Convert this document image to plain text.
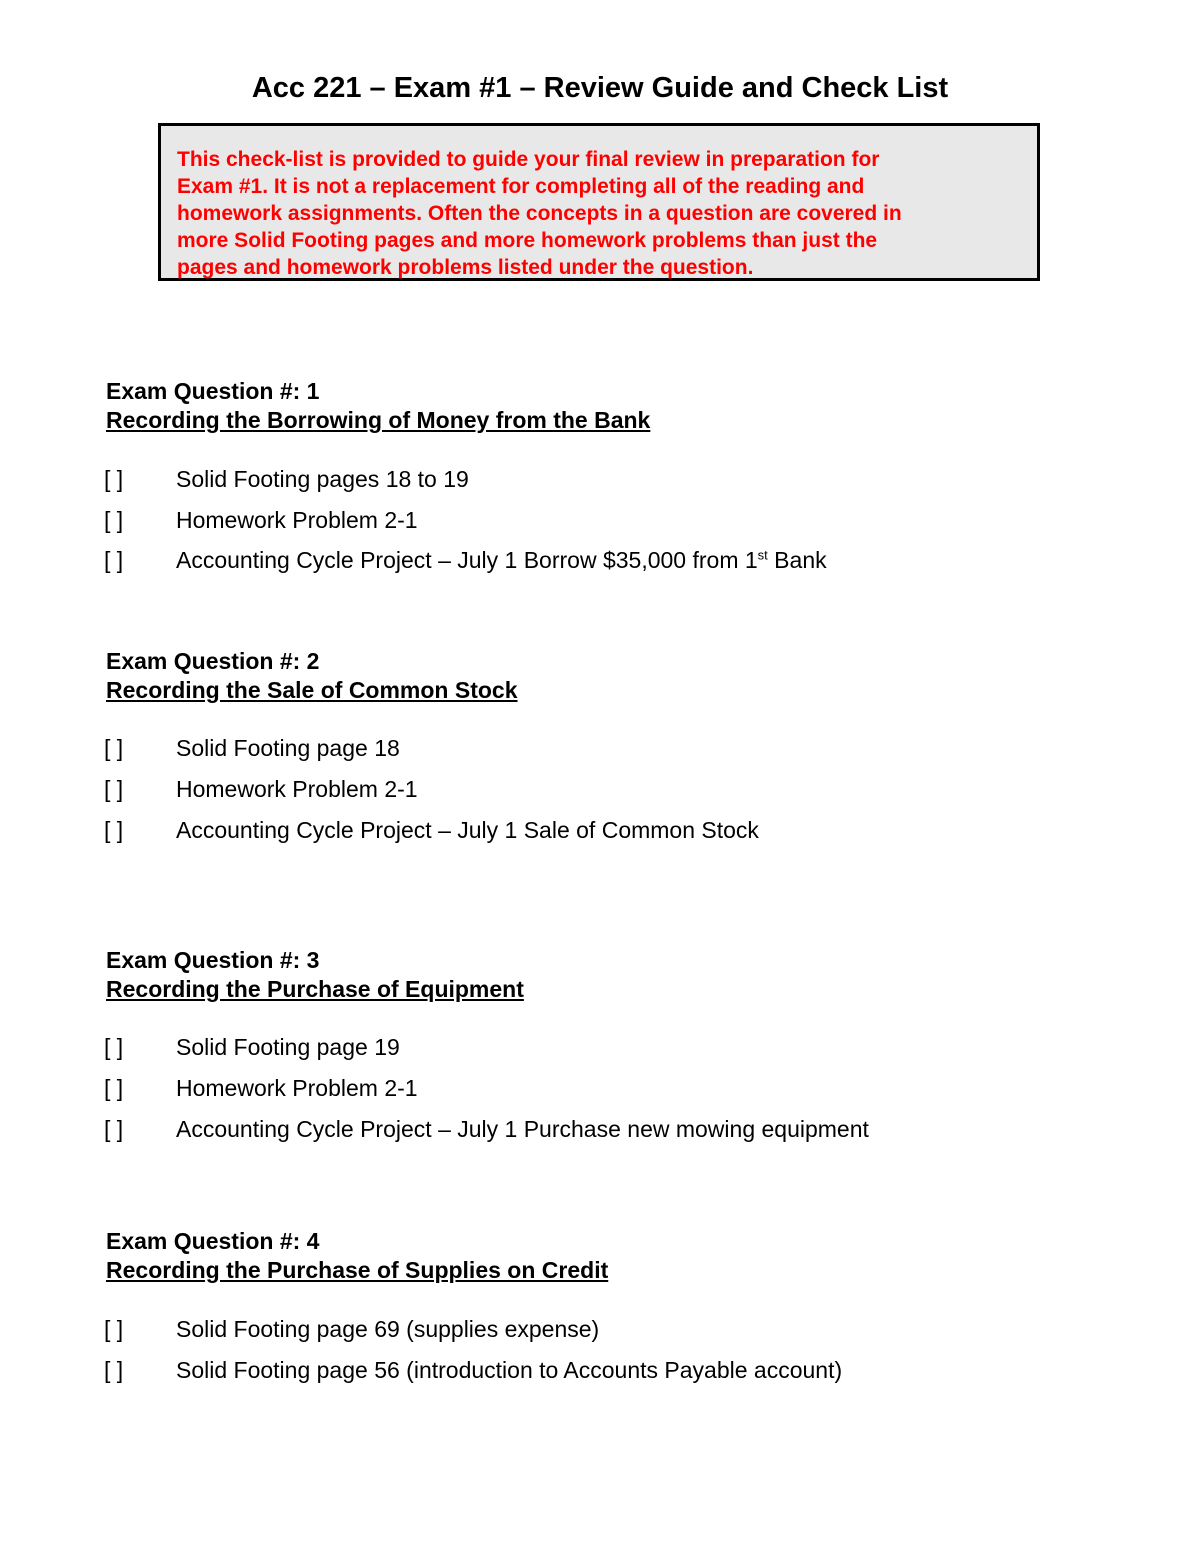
Acc 221 – Exam #1 – Review Guide and Check List

This check-list is provided to guide your final review in preparation for
Exam #1. It is not a replacement for completing all of the reading and
homework assignments. Often the concepts in a question are covered in
more Solid Footing pages and more homework problems than just the
pages and homework problems listed under the question.

Exam Question #: 1

Recording the Borrowing of Money from the Bank

[ ]	Solid Footing pages 18 to 19
[ ]	Homework Problem 2-1
[ ]	Accounting Cycle Project – July 1 Borrow $35,000 from 1st Bank

Exam Question #: 2

Recording the Sale of Common Stock

[ ]	Solid Footing page 18
[ ]	Homework Problem 2-1
[ ]	Accounting Cycle Project – July 1 Sale of Common Stock

Exam Question #: 3

Recording the Purchase of Equipment

[ ]	Solid Footing page 19
[ ]	Homework Problem 2-1
[ ]	Accounting Cycle Project – July 1 Purchase new mowing equipment

Exam Question #: 4

Recording the Purchase of Supplies on Credit

[ ]	Solid Footing page 69 (supplies expense)
[ ]	Solid Footing page 56 (introduction to Accounts Payable account)
